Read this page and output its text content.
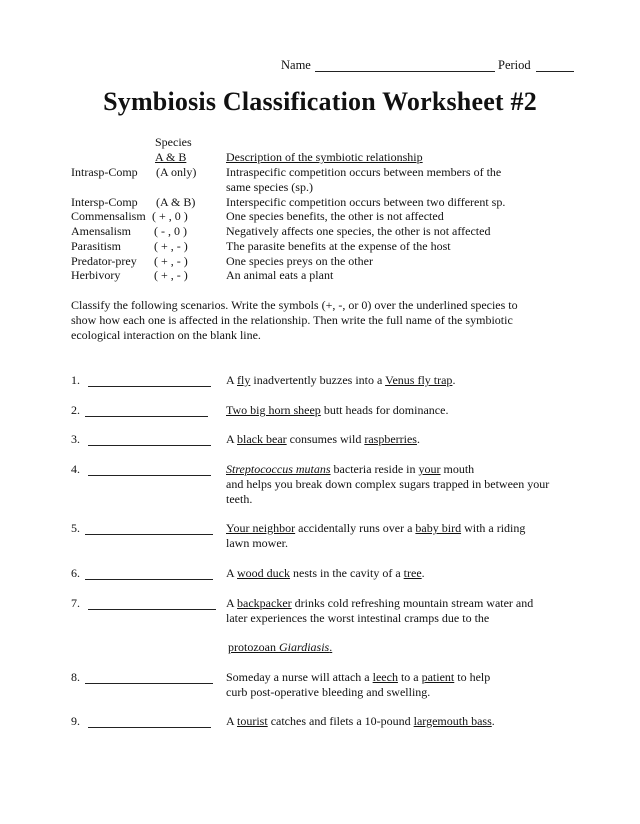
Name	Period
Symbiosis Classification Worksheet #2
Species
A & B	Description of the symbiotic relationship
Intrasp-Comp (A only) Intraspecific competition occurs between members of the
same species (sp.)
Intersp-Comp (A & B)	Interspecific competition occurs between two different sp.
Commensalism ( + , 0 )	One species benefits, the other is not affected
Amensalism ( - , 0 )	Negatively affects one species, the other is not affected
Parasitism	( + , - )	The parasite benefits at the expense of the host
Predator-prey ( + , - )	One species preys on the other
Herbivory	( + , - )	An animal eats a plant
Classify the following scenarios. Write the symbols (+, -, or 0) over the underlined species to
show how each one is affected in the relationship. Then write the full name of the symbiotic
ecological interaction on the blank line.
1.	A fly inadvertently buzzes into a Venus fly trap.
2.	Two big horn sheep butt heads for dominance.
3.	A black bear consumes wild raspberries.
4.	Streptococcus mutans bacteria reside in your mouth
and helps you break down complex sugars trapped in between your
teeth.
5.	Your neighbor accidentally runs over a baby bird with a riding
lawn mower.
6.	A wood duck nests in the cavity of a tree.
7.	A backpacker drinks cold refreshing mountain stream water and
later experiences the worst intestinal cramps due to the
protozoan Giardiasis.
8.	Someday a nurse will attach a leech to a patient to help
curb post-operative bleeding and swelling.
9.	A tourist catches and filets a 10-pound largemouth bass.
